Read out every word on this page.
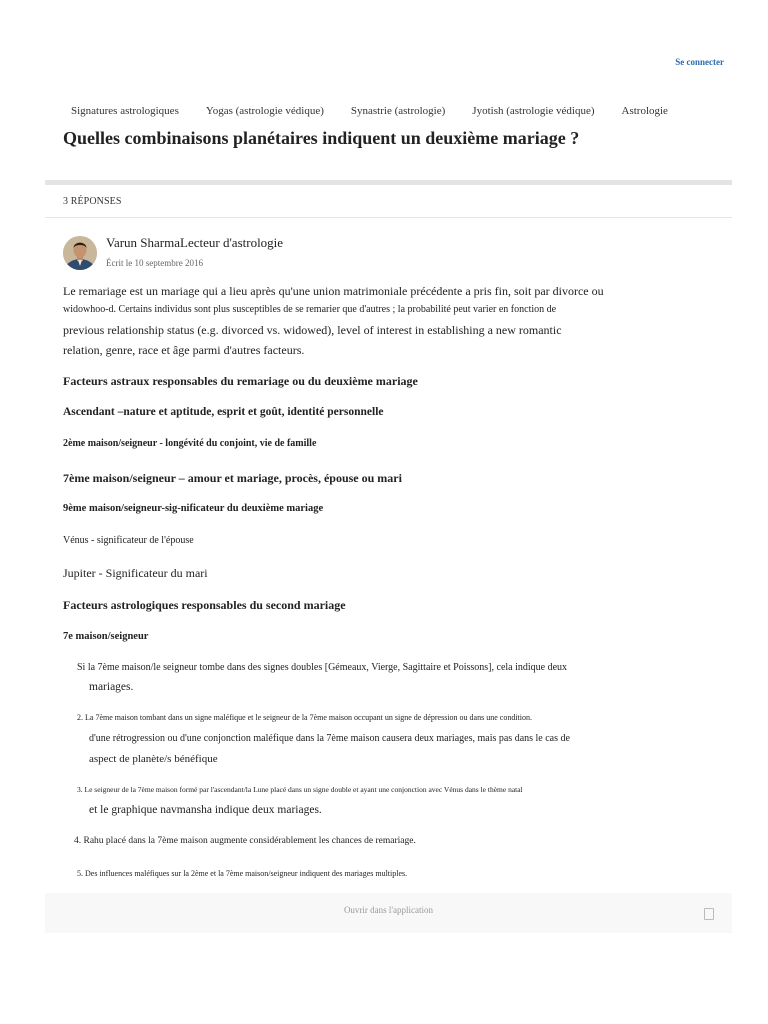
Se connecter
Signatures astrologiques Yogas (astrologie védique) Synastrie (astrologie) Jyotish (astrologie védique) Astrologie
Quelles combinaisons planétaires indiquent un deuxième mariage ?
3 RÉPONSES
Varun SharmaLecteur d'astrologie
Écrit le 10 septembre 2016
Le remariage est un mariage qui a lieu après qu'une union matrimoniale précédente a pris fin, soit par divorce ou
widowhoo-d. Certains individus sont plus susceptibles de se remarier que d'autres ; la probabilité peut varier en fonction de
previous relationship status (e.g. divorced vs. widowed), level of interest in establishing a new romantic
relation, genre, race et âge parmi d'autres facteurs.
Facteurs astraux responsables du remariage ou du deuxième mariage
Ascendant –nature et aptitude, esprit et goût, identité personnelle
2ème maison/seigneur - longévité du conjoint, vie de famille
7ème maison/seigneur – amour et mariage, procès, épouse ou mari
9ème maison/seigneur-sig-nificateur du deuxième mariage
Vénus - significateur de l'épouse
Jupiter - Significateur du mari
Facteurs astrologiques responsables du second mariage
7e maison/seigneur
Si la 7ème maison/le seigneur tombe dans des signes doubles [Gémeaux, Vierge, Sagittaire et Poissons], cela indique deux
mariages.
2. La 7ème maison tombant dans un signe maléfique et le seigneur de la 7ème maison occupant un signe de dépression ou dans une condition.
d'une rétrogression ou d'une conjonction maléfique dans la 7ème maison causera deux mariages, mais pas dans le cas de
aspect de planète/s bénéfique
3. Le seigneur de la 7ème maison formé par l'ascendant/la Lune placé dans un signe double et ayant une conjonction avec Vénus dans le thème natal
et le graphique navmansha indique deux mariages.
4. Rahu placé dans la 7ème maison augmente considérablement les chances de remariage.
5. Des influences maléfiques sur la 2ème et la 7ème maison/seigneur indiquent des mariages multiples.
Ouvrir dans l'application
